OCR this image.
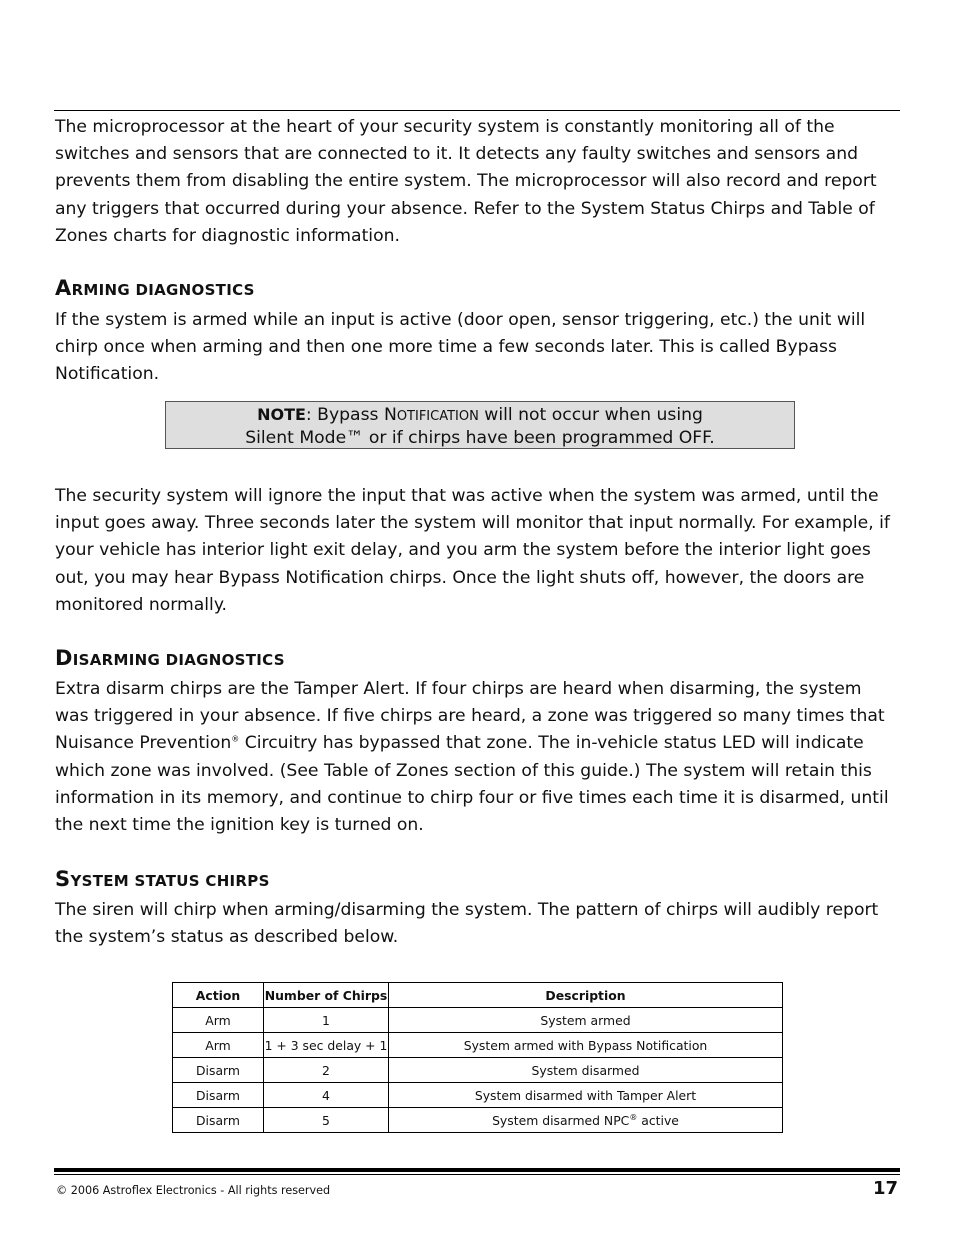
The microprocessor at the heart of your security system is constantly monitoring all of the switches and sensors that are connected to it. It detects any faulty switches and sensors and prevents them from disabling the entire system. The microprocessor will also record and report any triggers that occurred during your absence. Refer to the System Status Chirps and Table of Zones charts for diagnostic information.

ARMING DIAGNOSTICS

If the system is armed while an input is active (door open, sensor triggering, etc.) the unit will chirp once when arming and then one more time a few seconds later. This is called Bypass Notification.

NOTE: Bypass NOTIFICATION will not occur when using
Silent Mode™ or if chirps have been programmed OFF.

The security system will ignore the input that was active when the system was armed, until the input goes away. Three seconds later the system will monitor that input normally. For example, if your vehicle has interior light exit delay, and you arm the system before the interior light goes out, you may hear Bypass Notification chirps. Once the light shuts off, however, the doors are monitored normally.

DISARMING DIAGNOSTICS

Extra disarm chirps are the Tamper Alert. If four chirps are heard when disarming, the system was triggered in your absence. If five chirps are heard, a zone was triggered so many times that Nuisance Prevention® Circuitry has bypassed that zone. The in-vehicle status LED will indicate which zone was involved. (See Table of Zones section of this guide.) The system will retain this information in its memory, and continue to chirp four or five times each time it is disarmed, until the next time the ignition key is turned on.

SYSTEM STATUS CHIRPS

The siren will chirp when arming/disarming the system. The pattern of chirps will audibly report the system’s status as described below.

Action	Number of Chirps	Description
Arm	1	System armed
Arm	1 + 3 sec delay + 1	System armed with Bypass Notification
Disarm	2	System disarmed
Disarm	4	System disarmed with Tamper Alert
Disarm	5	System disarmed NPC® active
© 2006 Astroflex Electronics - All rights reserved	17
